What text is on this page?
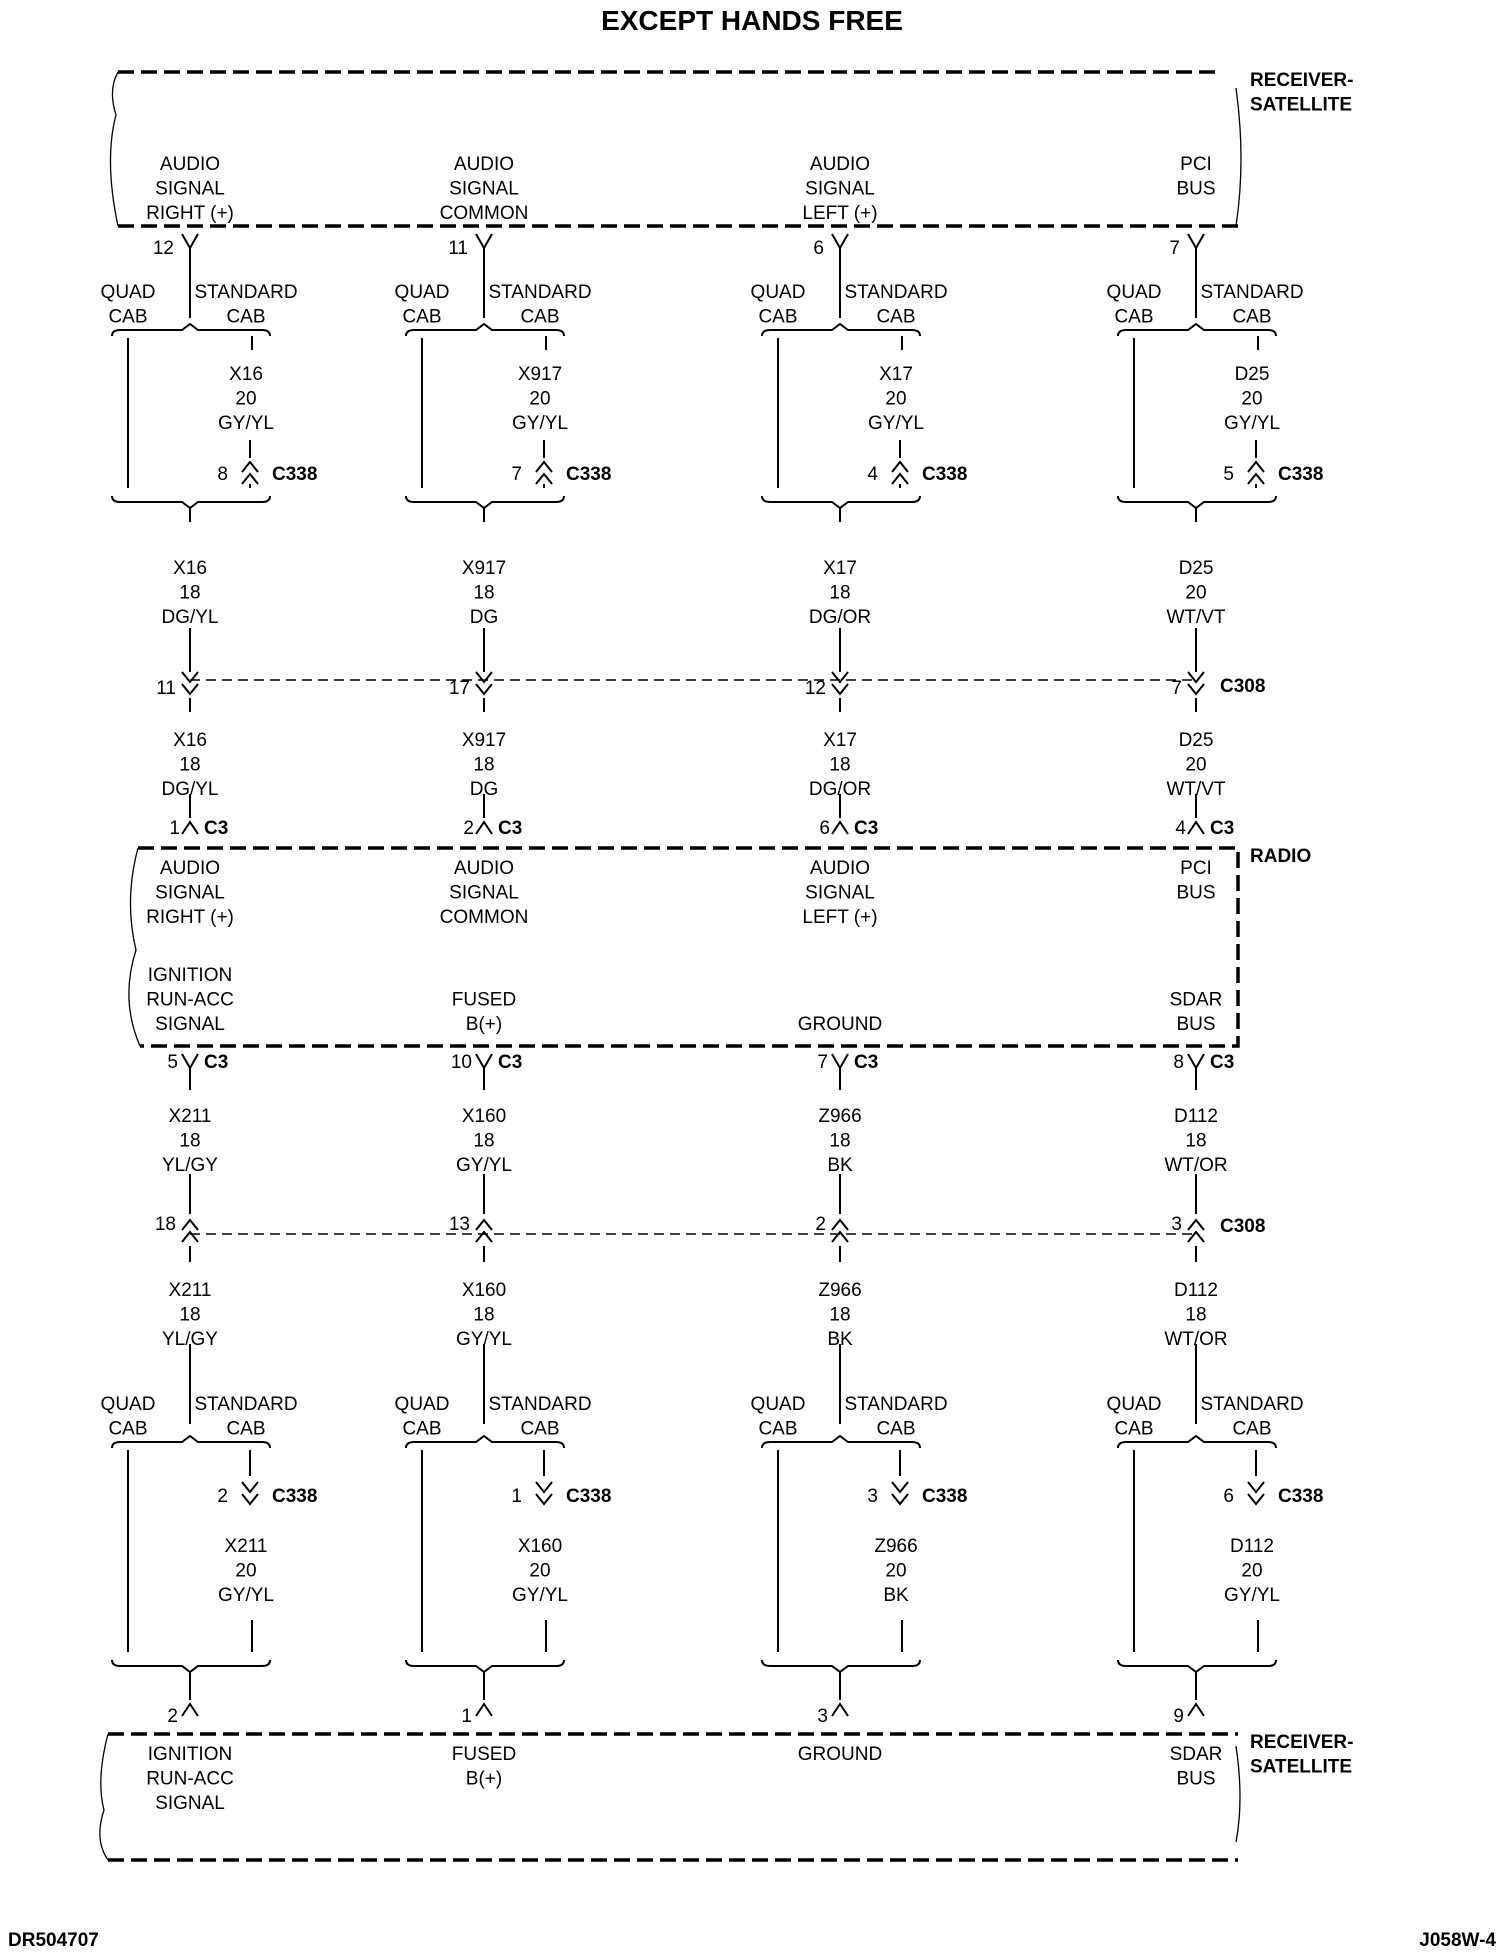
EXCEPT HANDS FREE
RECEIVER-
SATELLITE
RADIO
RECEIVER-
SATELLITE
C308
C308
AUDIO
SIGNAL
RIGHT (+)
12
QUAD
CAB
STANDARD
CAB
X16
20
GY/YL
8 C338
X16
18
DG/YL
11
X16
18
DG/YL
1 C3
AUDIO
SIGNAL
RIGHT (+)
IGNITION
RUN-ACC
SIGNAL
5 C3
X211
18
YL/GY
18
X211
18
YL/GY
QUAD
CAB
STANDARD
CAB
2 C338
X211
20
GY/YL
2
IGNITION
RUN-ACC
SIGNAL
AUDIO
SIGNAL
COMMON
11
QUAD
CAB
STANDARD
CAB
X917
20
GY/YL
7 C338
X917
18
DG
17
X917
18
DG
2 C3
AUDIO
SIGNAL
COMMON
FUSED
B(+)
10 C3
X160
18
GY/YL
13
X160
18
GY/YL
QUAD
CAB
STANDARD
CAB
1 C338
X160
20
GY/YL
1
FUSED
B(+)
AUDIO
SIGNAL
LEFT (+)
6
QUAD
CAB
STANDARD
CAB
X17
20
GY/YL
4 C338
X17
18
DG/OR
12
X17
18
DG/OR
6 C3
AUDIO
SIGNAL
LEFT (+)
GROUND
7 C3
Z966
18
BK
2
Z966
18
BK
QUAD
CAB
STANDARD
CAB
3 C338
Z966
20
BK
3
GROUND
PCI
BUS
7
QUAD
CAB
STANDARD
CAB
D25
20
GY/YL
5 C338
D25
20
WT/VT
7
D25
20
WT/VT
4 C3
PCI
BUS
SDAR
BUS
8 C3
D112
18
WT/OR
3
D112
18
WT/OR
QUAD
CAB
STANDARD
CAB
6 C338
D112
20
GY/YL
9
SDAR
BUS
DR504707	J058W-4
